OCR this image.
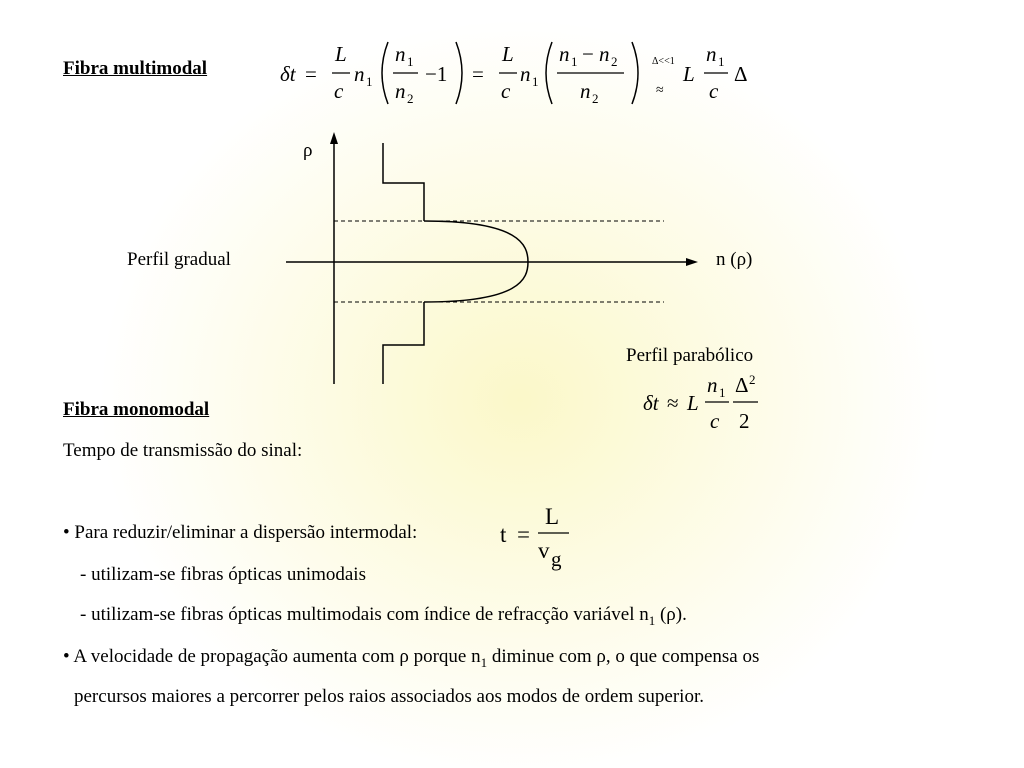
Fibra multimodal	δt =
L
c
n 1
n 1
n 2
−1 =
L
c
n 1
n 1 − n 2
n 2
Δ<<1
≈
L
n 1
c
Δ
ρ
n (ρ)
Perfil gradual
Perfil parabólico
δt ≈ L
n 1
c
Δ 2
2
Fibra monomodal
Tempo de transmissão do sinal:
• Para reduzir/eliminar a dispersão intermodal:	t =
L
v g
- utilizam-se fibras ópticas unimodais
- utilizam-se fibras ópticas multimodais com índice de refracção variável $n_1$ (ρ).
• A velocidade de propagação aumenta com ρ porque $n_1$ diminue com ρ, o que compensa os
percursos maiores a percorrer pelos raios associados aos modos de ordem superior.
